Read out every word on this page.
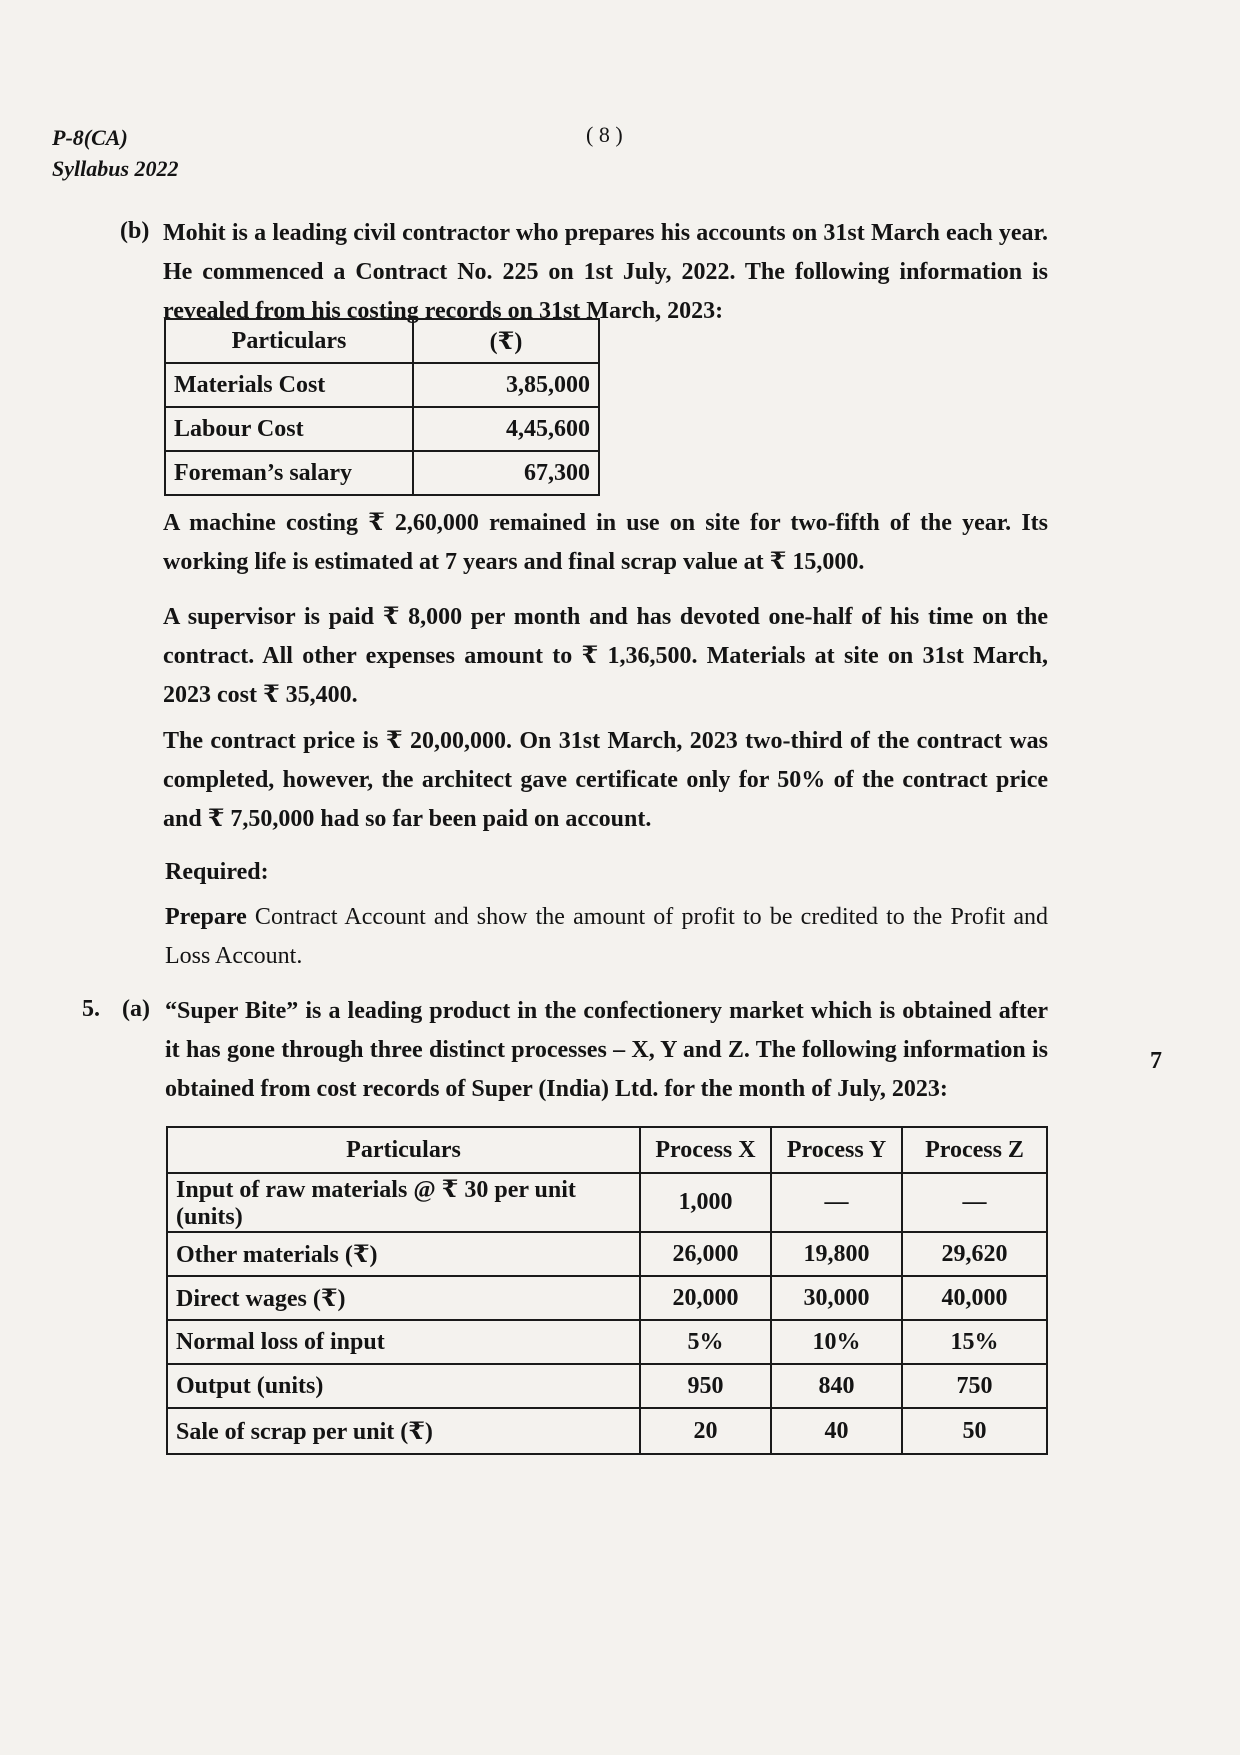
P-8(CA)
Syllabus 2022
( 8 )
(b) Mohit is a leading civil contractor who prepares his accounts on 31st March each year. He commenced a Contract No. 225 on 1st July, 2022. The following information is revealed from his costing records on 31st March, 2023:
Particulars	(₹)
Materials Cost	3,85,000
Labour Cost	4,45,600
Foreman’s salary	67,300
A machine costing ₹ 2,60,000 remained in use on site for two-fifth of the year. Its working life is estimated at 7 years and final scrap value at ₹ 15,000.
A supervisor is paid ₹ 8,000 per month and has devoted one-half of his time on the contract. All other expenses amount to ₹ 1,36,500. Materials at site on 31st March, 2023 cost ₹ 35,400.
The contract price is ₹ 20,00,000. On 31st March, 2023 two-third of the contract was completed, however, the architect gave certificate only for 50% of the contract price and ₹ 7,50,000 had so far been paid on account.
Required:
Prepare Contract Account and show the amount of profit to be credited to the Profit and Loss Account.
7
5. (a) “Super Bite” is a leading product in the confectionery market which is obtained after it has gone through three distinct processes – X, Y and Z. The following information is obtained from cost records of Super (India) Ltd. for the month of July, 2023:
Particulars	Process X	Process Y	Process Z
Input of raw materials @ ₹ 30 per unit (units)	1,000	—	—
Other materials (₹)	26,000	19,800	29,620
Direct wages (₹)	20,000	30,000	40,000
Normal loss of input	5%	10%	15%
Output (units)	950	840	750
Sale of scrap per unit (₹)	20	40	50
